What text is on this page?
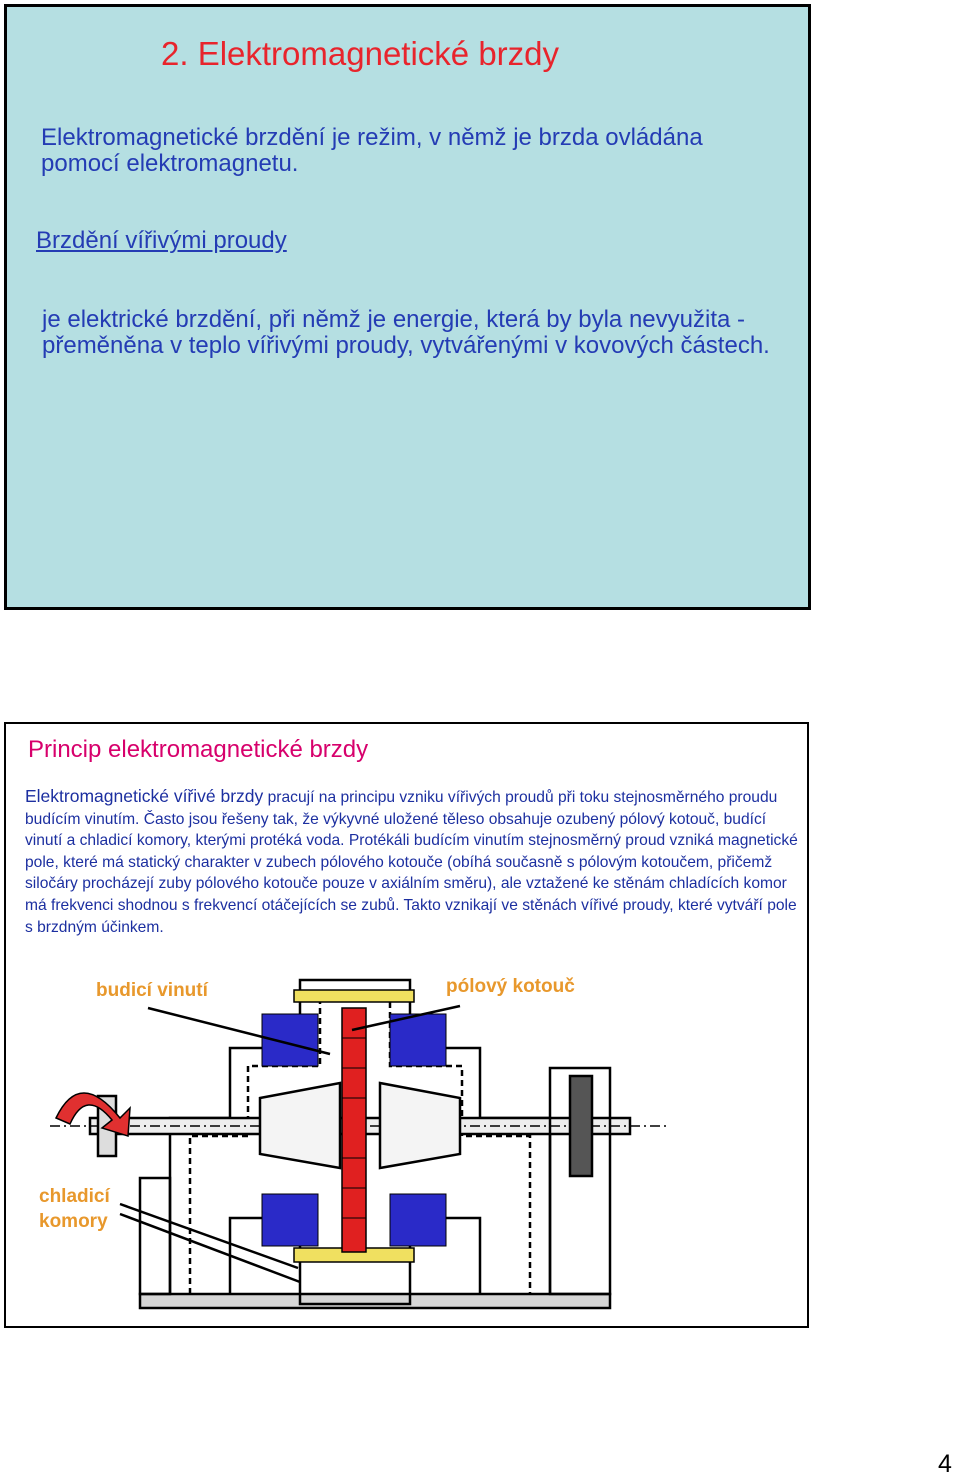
2. Elektromagnetické brzdy

Elektromagnetické brzdění je režim, v němž je brzda ovládána pomocí elektromagnetu.

Brzdění vířivými proudy

je elektrické brzdění, při němž je energie, která by byla nevyužita - přeměněna v teplo vířivými proudy, vytvářenými v kovových částech.

Princip elektromagnetické brzdy

Elektromagnetické vířivé brzdy pracují na principu vzniku vířivých proudů při toku stejnosměrného proudu budícím vinutím. Často jsou řešeny tak, že výkyvné uložené těleso obsahuje ozubený pólový kotouč, budící vinutí a chladicí komory, kterými protéká voda. Protékáli budícím vinutím stejnosměrný proud vzniká magnetické pole, které má statický charakter v zubech pólového kotouče (obíhá současně s pólovým kotoučem, přičemž siločáry procházejí zuby pólového kotouče pouze v axiálním směru), ale vztažené ke stěnám chladících komor má frekvenci shodnou s frekvencí otáčejících se zubů. Takto vznikají ve stěnách vířivé proudy, které vytváří pole s brzdným účinkem.

budicí vinutí	pólový kotouč

chladicí

komory

4
